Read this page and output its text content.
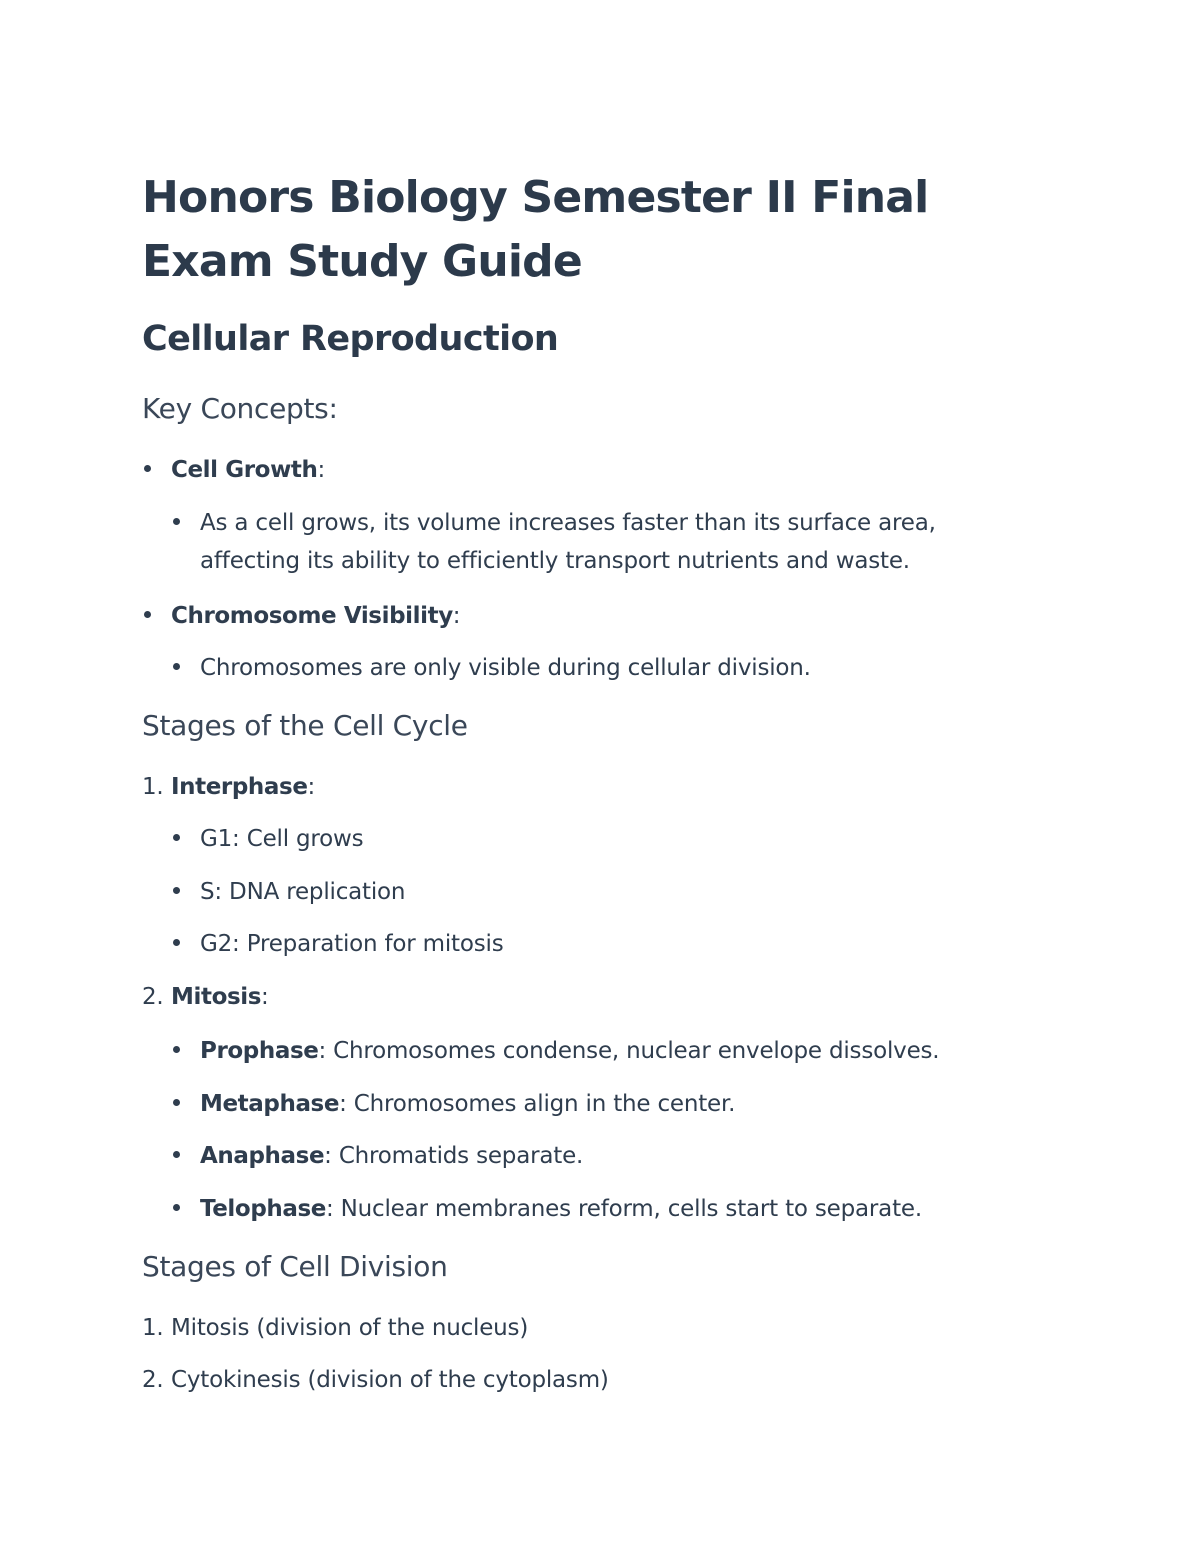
Honors Biology Semester II Final Exam Study Guide
Cellular Reproduction
Key Concepts:
Cell Growth:
As a cell grows, its volume increases faster than its surface area,
affecting its ability to efficiently transport nutrients and waste.
Chromosome Visibility:
Chromosomes are only visible during cellular division.
Stages of the Cell Cycle
1. Interphase:
G1: Cell grows
S: DNA replication
G2: Preparation for mitosis
2. Mitosis:
Prophase: Chromosomes condense, nuclear envelope dissolves.
Metaphase: Chromosomes align in the center.
Anaphase: Chromatids separate.
Telophase: Nuclear membranes reform, cells start to separate.
Stages of Cell Division
1. Mitosis (division of the nucleus)
2. Cytokinesis (division of the cytoplasm)
